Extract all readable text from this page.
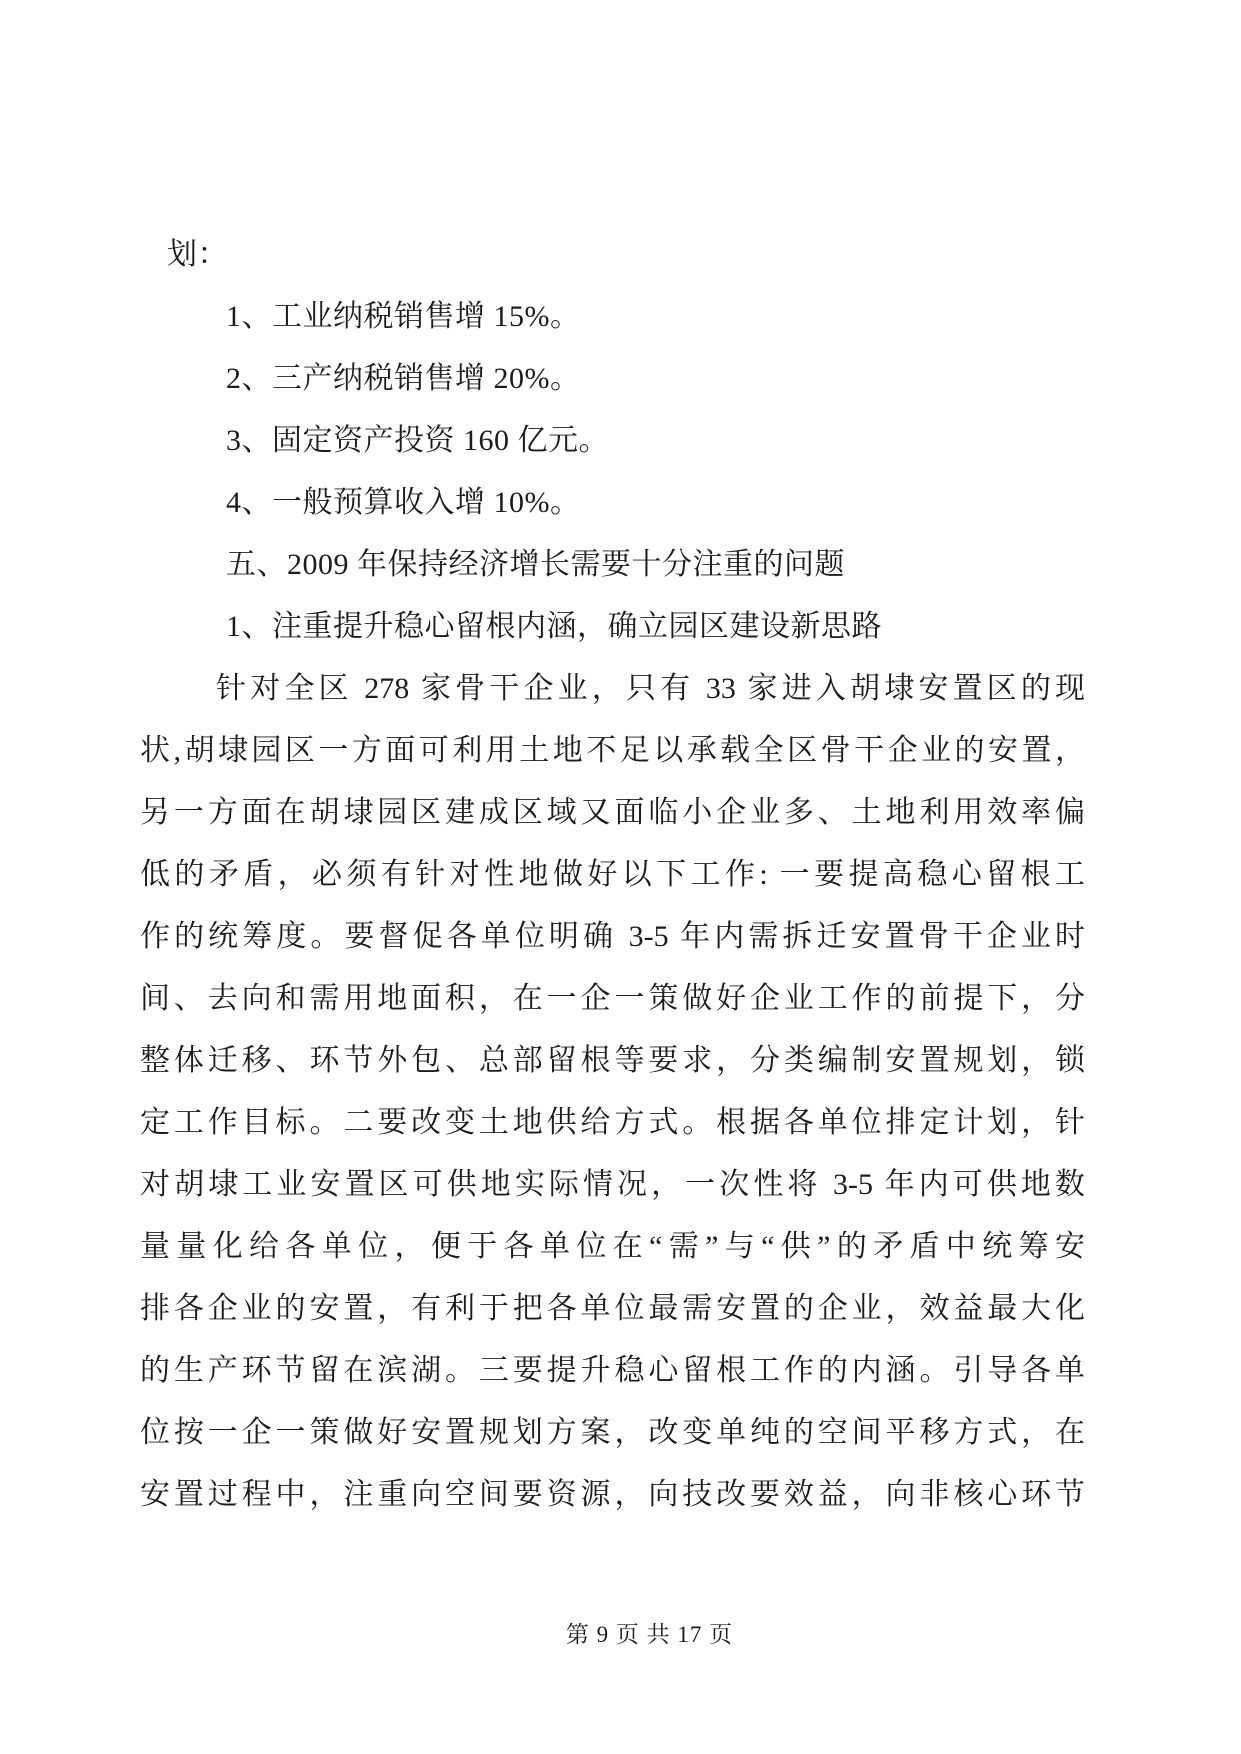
划：

1、工业纳税销售增 15%。

2、三产纳税销售增 20%。

3、固定资产投资 160 亿元。

4、一般预算收入增 10%。

五、2009 年保持经济增长需要十分注重的问题

1、注重提升稳心留根内涵，确立园区建设新思路

针对全区 278 家骨干企业，只有 33 家进入胡埭安置区的现

状,胡埭园区一方面可利用土地不足以承载全区骨干企业的安置，

另一方面在胡埭园区建成区域又面临小企业多、土地利用效率偏

低的矛盾，必须有针对性地做好以下工作: 一要提高稳心留根工

作的统筹度。要督促各单位明确 3-5 年内需拆迁安置骨干企业时

间、去向和需用地面积，在一企一策做好企业工作的前提下，分

整体迁移、环节外包、总部留根等要求，分类编制安置规划，锁

定工作目标。二要改变土地供给方式。根据各单位排定计划，针

对胡埭工业安置区可供地实际情况，一次性将 3-5 年内可供地数

量量化给各单位，便于各单位在“需”与“供”的矛盾中统筹安

排各企业的安置，有利于把各单位最需安置的企业，效益最大化

的生产环节留在滨湖。三要提升稳心留根工作的内涵。引导各单

位按一企一策做好安置规划方案，改变单纯的空间平移方式，在

安置过程中，注重向空间要资源，向技改要效益，向非核心环节

第 9 页 共 17 页
